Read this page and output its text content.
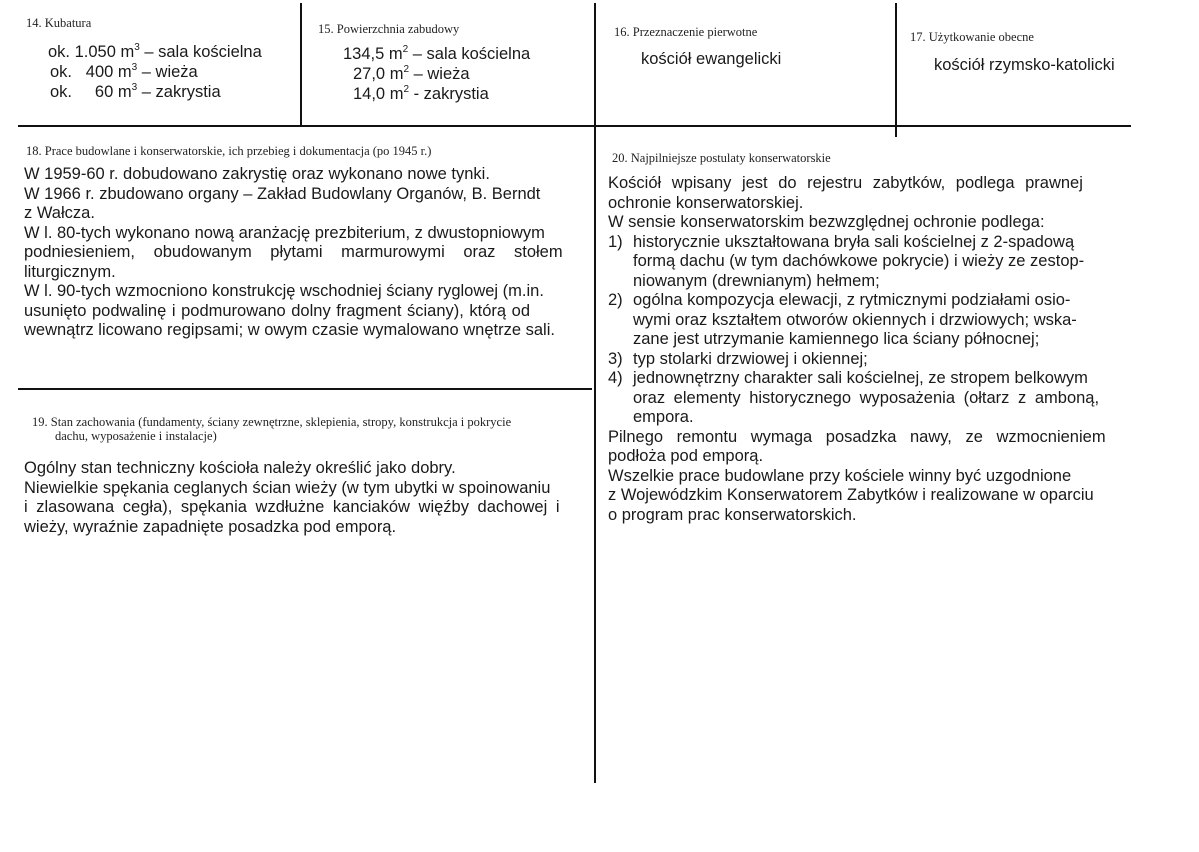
14. Kubatura
ok. 1.050 $m^3$ – sala kościelna
ok.   400 $m^3$ – wieża
ok.     60 $m^3$ – zakrystia
15. Powierzchnia zabudowy
134,5 $m^2$ – sala kościelna
27,0 $m^2$ – wieża
14,0 $m^2$ - zakrystia
16. Przeznaczenie pierwotne
kościół ewangelicki
17. Użytkowanie obecne
kościół rzymsko-katolicki
18. Prace budowlane i konserwatorskie, ich przebieg i dokumentacja (po 1945 r.)
W 1959-60 r. dobudowano zakrystię oraz wykonano nowe tynki.
W 1966 r. zbudowano organy – Zakład Budowlany Organów, B. Berndt
z Wałcza.
W l. 80-tych wykonano nową aranżację prezbiterium, z dwustopniowym
podniesieniem, obudowanym płytami marmurowymi oraz stołem
liturgicznym.
W l. 90-tych wzmocniono konstrukcję wschodniej ściany ryglowej (m.in.
usunięto podwalinę i podmurowano dolny fragment ściany), którą od
wewnątrz licowano regipsami; w owym czasie wymalowano wnętrze sali.
19. Stan zachowania (fundamenty, ściany zewnętrzne, sklepienia, stropy, konstrukcja i pokrycie
dachu, wyposażenie i instalacje)
Ogólny stan techniczny kościoła należy określić jako dobry.
Niewielkie spękania ceglanych ścian wieży (w tym ubytki w spoinowaniu
i zlasowana cegła), spękania wzdłużne kanciaków więźby dachowej i
wieży, wyraźnie zapadnięte posadzka pod emporą.
20. Najpilniejsze postulaty konserwatorskie
Kościół wpisany jest do rejestru zabytków, podlega prawnej
ochronie konserwatorskiej.
W sensie konserwatorskim bezwzględnej ochronie podlega:
1) historycznie ukształtowana bryła sali kościelnej z 2-spadową
formą dachu (w tym dachówkowe pokrycie) i wieży ze zestop-
niowanym (drewnianym) hełmem;
2) ogólna kompozycja elewacji, z rytmicznymi podziałami osio-
wymi oraz kształtem otworów okiennych i drzwiowych; wska-
zane jest utrzymanie kamiennego lica ściany północnej;
3) typ stolarki drzwiowej i okiennej;
4) jednownętrzny charakter sali kościelnej, ze stropem belkowym
oraz elementy historycznego wyposażenia (ołtarz z amboną,
empora.
Pilnego remontu wymaga posadzka nawy, ze wzmocnieniem
podłoża pod emporą.
Wszelkie prace budowlane przy kościele winny być uzgodnione
z Wojewódzkim Konserwatorem Zabytków i realizowane w oparciu
o program prac konserwatorskich.
